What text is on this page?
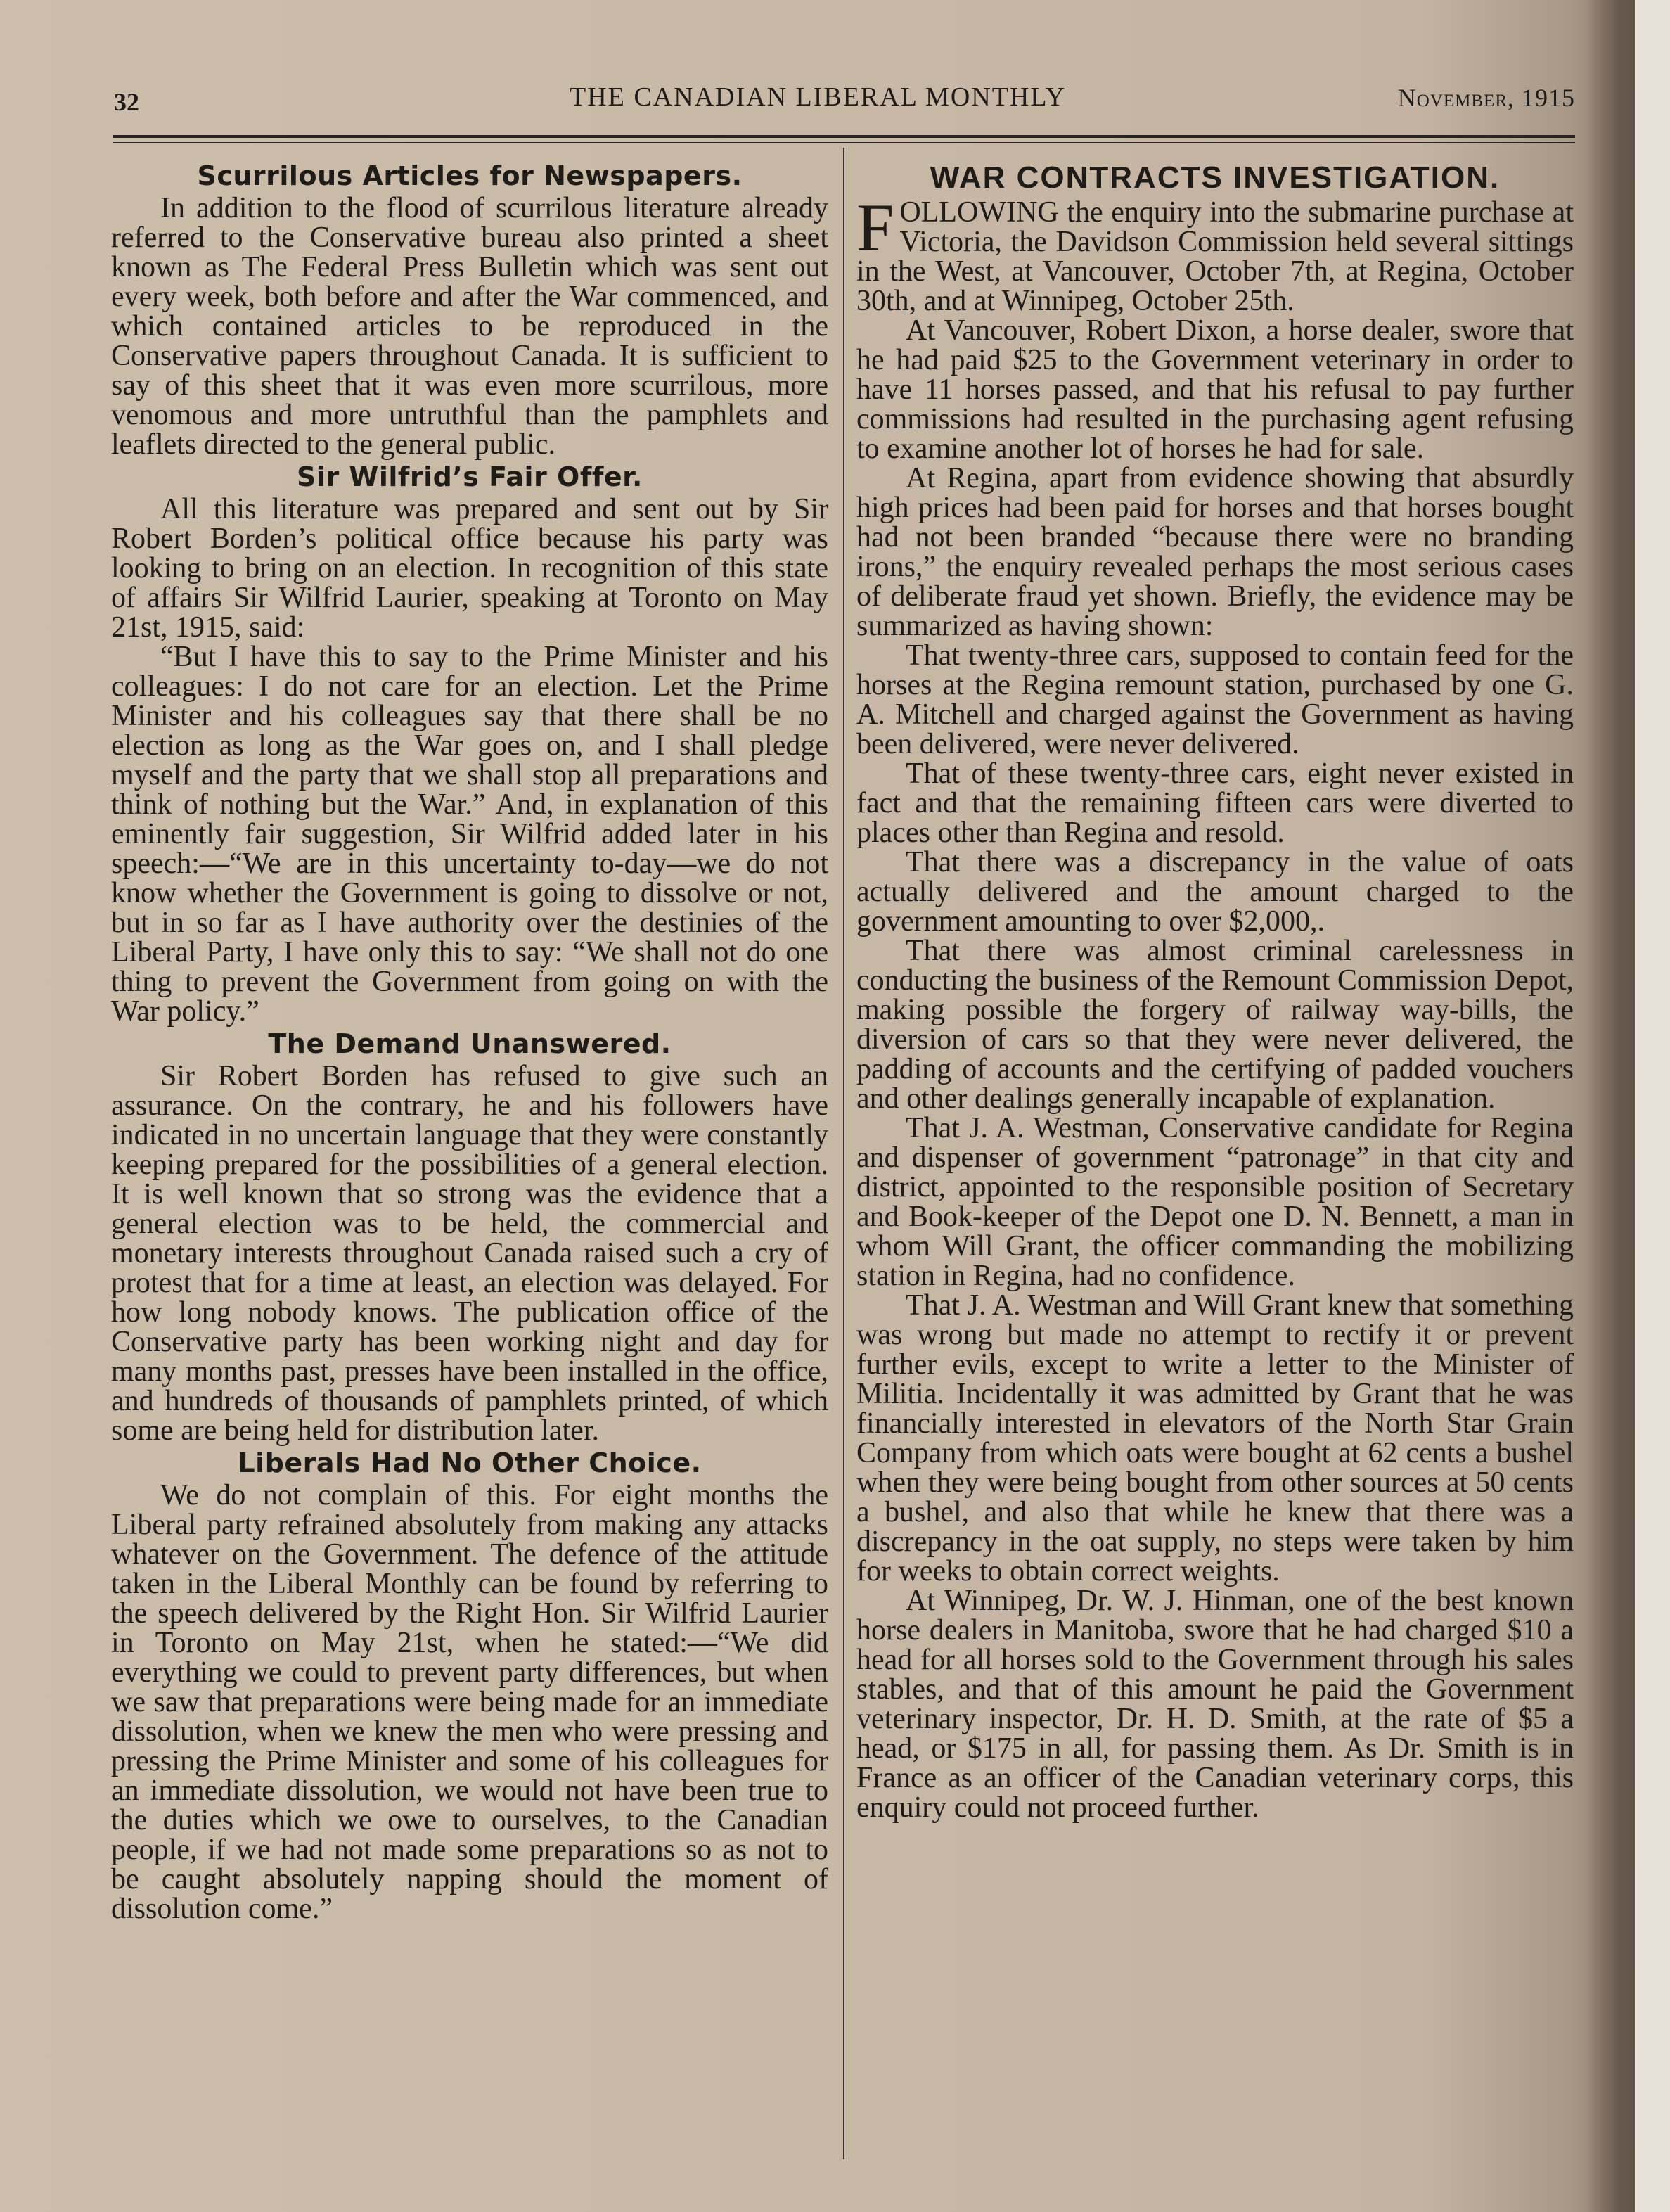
32	THE CANADIAN LIBERAL MONTHLY	November, 1915
Scurrilous Articles for Newspapers.

In addition to the flood of scurrilous literature already referred to the Conservative bureau also printed a sheet known as The Federal Press Bulletin which was sent out every week, both before and after the War commenced, and which contained articles to be reproduced in the Conservative papers throughout Canada. It is sufficient to say of this sheet that it was even more scurrilous, more venomous and more untruthful than the pamphlets and leaflets directed to the general public.

Sir Wilfrid’s Fair Offer.

All this literature was prepared and sent out by Sir Robert Borden’s political office because his party was looking to bring on an election. In recognition of this state of affairs Sir Wilfrid Laurier, speaking at Toronto on May 21st, 1915, said:

“But I have this to say to the Prime Minister and his colleagues: I do not care for an election. Let the Prime Minister and his colleagues say that there shall be no election as long as the War goes on, and I shall pledge myself and the party that we shall stop all preparations and think of nothing but the War.” And, in explanation of this eminently fair suggestion, Sir Wilfrid added later in his speech:—“We are in this uncertainty to-day—we do not know whether the Government is going to dissolve or not, but in so far as I have authority over the destinies of the Liberal Party, I have only this to say: “We shall not do one thing to prevent the Government from going on with the War policy.”

The Demand Unanswered.

Sir Robert Borden has refused to give such an assurance. On the contrary, he and his followers have indicated in no uncertain language that they were constantly keeping prepared for the possibilities of a general election. It is well known that so strong was the evidence that a general election was to be held, the commercial and monetary interests throughout Canada raised such a cry of protest that for a time at least, an election was delayed. For how long nobody knows. The publication office of the Conservative party has been working night and day for many months past, presses have been installed in the office, and hundreds of thousands of pamphlets printed, of which some are being held for distribution later.

Liberals Had No Other Choice.

We do not complain of this. For eight months the Liberal party refrained absolutely from making any attacks whatever on the Government. The defence of the attitude taken in the Liberal Monthly can be found by referring to the speech delivered by the Right Hon. Sir Wilfrid Laurier in Toronto on May 21st, when he stated:—“We did everything we could to prevent party differences, but when we saw that preparations were being made for an immediate dissolution, when we knew the men who were pressing and pressing the Prime Minister and some of his colleagues for an immediate dissolution, we would not have been true to the duties which we owe to ourselves, to the Canadian people, if we had not made some preparations so as not to be caught absolutely napping should the moment of dissolution come.”

WAR CONTRACTS INVESTIGATION.

FOLLOWING the enquiry into the submarine purchase at Victoria, the Davidson Commission held several sittings in the West, at Vancouver, October 7th, at Regina, October 30th, and at Winnipeg, October 25th.

At Vancouver, Robert Dixon, a horse dealer, swore that he had paid $25 to the Government veterinary in order to have 11 horses passed, and that his refusal to pay further commissions had resulted in the purchasing agent refusing to examine another lot of horses he had for sale.

At Regina, apart from evidence showing that absurdly high prices had been paid for horses and that horses bought had not been branded “because there were no branding irons,” the enquiry revealed perhaps the most serious cases of deliberate fraud yet shown. Briefly, the evidence may be summarized as having shown:

That twenty-three cars, supposed to contain feed for the horses at the Regina remount station, purchased by one G. A. Mitchell and charged against the Government as having been delivered, were never delivered.

That of these twenty-three cars, eight never existed in fact and that the remaining fifteen cars were diverted to places other than Regina and resold.

That there was a discrepancy in the value of oats actually delivered and the amount charged to the government amounting to over $2,000,.

That there was almost criminal carelessness in conducting the business of the Remount Commission Depot, making possible the forgery of railway way-bills, the diversion of cars so that they were never delivered, the padding of accounts and the certifying of padded vouchers and other dealings generally incapable of explanation.

That J. A. Westman, Conservative candidate for Regina and dispenser of government “patronage” in that city and district, appointed to the responsible position of Secretary and Book-keeper of the Depot one D. N. Bennett, a man in whom Will Grant, the officer commanding the mobilizing station in Regina, had no confidence.

That J. A. Westman and Will Grant knew that something was wrong but made no attempt to rectify it or prevent further evils, except to write a letter to the Minister of Militia. Incidentally it was admitted by Grant that he was financially interested in elevators of the North Star Grain Company from which oats were bought at 62 cents a bushel when they were being bought from other sources at 50 cents a bushel, and also that while he knew that there was a discrepancy in the oat supply, no steps were taken by him for weeks to obtain correct weights.

At Winnipeg, Dr. W. J. Hinman, one of the best known horse dealers in Manitoba, swore that he had charged $10 a head for all horses sold to the Government through his sales stables, and that of this amount he paid the Government veterinary inspector, Dr. H. D. Smith, at the rate of $5 a head, or $175 in all, for passing them. As Dr. Smith is in France as an officer of the Canadian veterinary corps, this enquiry could not proceed further.
